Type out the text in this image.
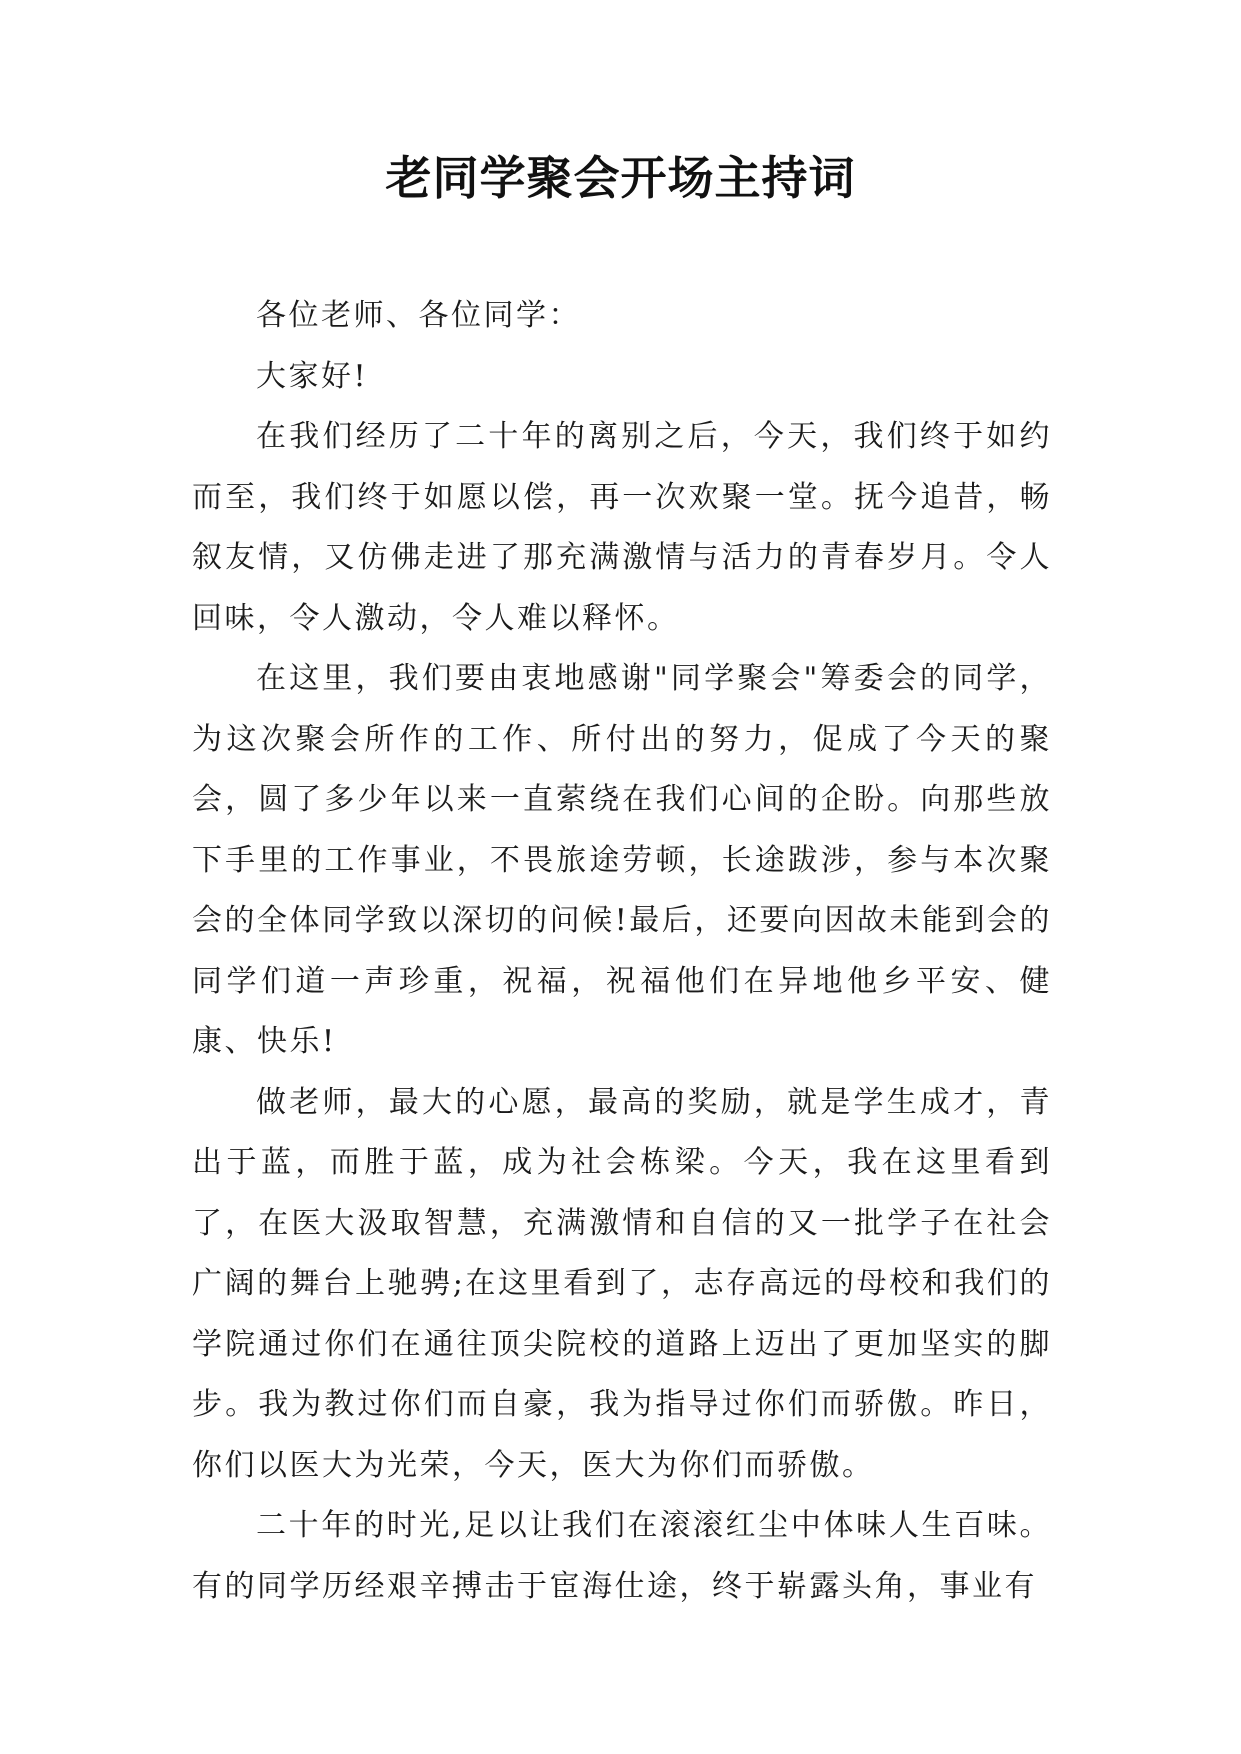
老同学聚会开场主持词

各位老师、各位同学：

大家好!

在我们经历了二十年的离别之后，今天，我们终于如约而至，我们终于如愿以偿，再一次欢聚一堂。抚今追昔，畅叙友情，又仿佛走进了那充满激情与活力的青春岁月。令人回味，令人激动，令人难以释怀。

在这里，我们要由衷地感谢"同学聚会"筹委会的同学，为这次聚会所作的工作、所付出的努力，促成了今天的聚会，圆了多少年以来一直萦绕在我们心间的企盼。向那些放下手里的工作事业，不畏旅途劳顿，长途跋涉，参与本次聚会的全体同学致以深切的问候!最后，还要向因故未能到会的同学们道一声珍重，祝福，祝福他们在异地他乡平安、健康、快乐!

做老师，最大的心愿，最高的奖励，就是学生成才，青出于蓝，而胜于蓝，成为社会栋梁。今天，我在这里看到了，在医大汲取智慧，充满激情和自信的又一批学子在社会广阔的舞台上驰骋;在这里看到了，志存高远的母校和我们的学院通过你们在通往顶尖院校的道路上迈出了更加坚实的脚步。我为教过你们而自豪，我为指导过你们而骄傲。昨日，你们以医大为光荣，今天，医大为你们而骄傲。

二十年的时光,足以让我们在滚滚红尘中体味人生百味。有的同学历经艰辛搏击于宦海仕途，终于崭露头角，事业有
